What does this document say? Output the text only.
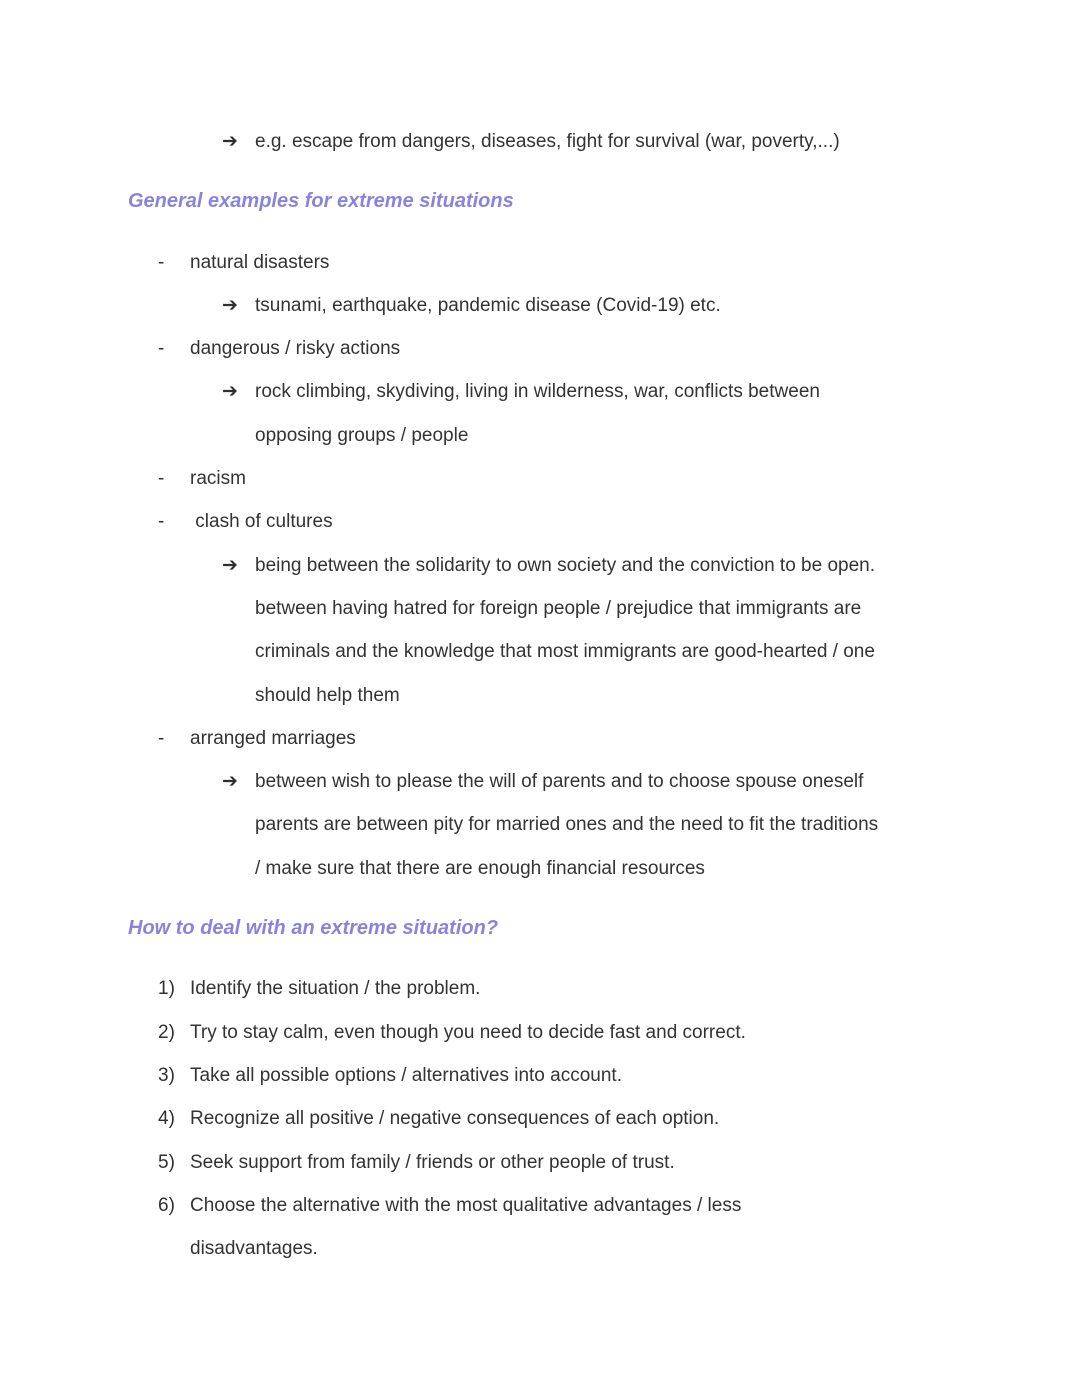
➔ e.g. escape from dangers, diseases, fight for survival (war, poverty,...)
General examples for extreme situations
- natural disasters
➔ tsunami, earthquake, pandemic disease (Covid-19) etc.
- dangerous / risky actions
➔ rock climbing, skydiving, living in wilderness, war, conflicts between opposing groups / people
- racism
- clash of cultures
➔ being between the solidarity to own society and the conviction to be open. between having hatred for foreign people / prejudice that immigrants are criminals and the knowledge that most immigrants are good-hearted / one should help them
- arranged marriages
➔ between wish to please the will of parents and to choose spouse oneself parents are between pity for married ones and the need to fit the traditions / make sure that there are enough financial resources
How to deal with an extreme situation?
1) Identify the situation / the problem.
2) Try to stay calm, even though you need to decide fast and correct.
3) Take all possible options / alternatives into account.
4) Recognize all positive / negative consequences of each option.
5) Seek support from family / friends or other people of trust.
6) Choose the alternative with the most qualitative advantages / less disadvantages.
